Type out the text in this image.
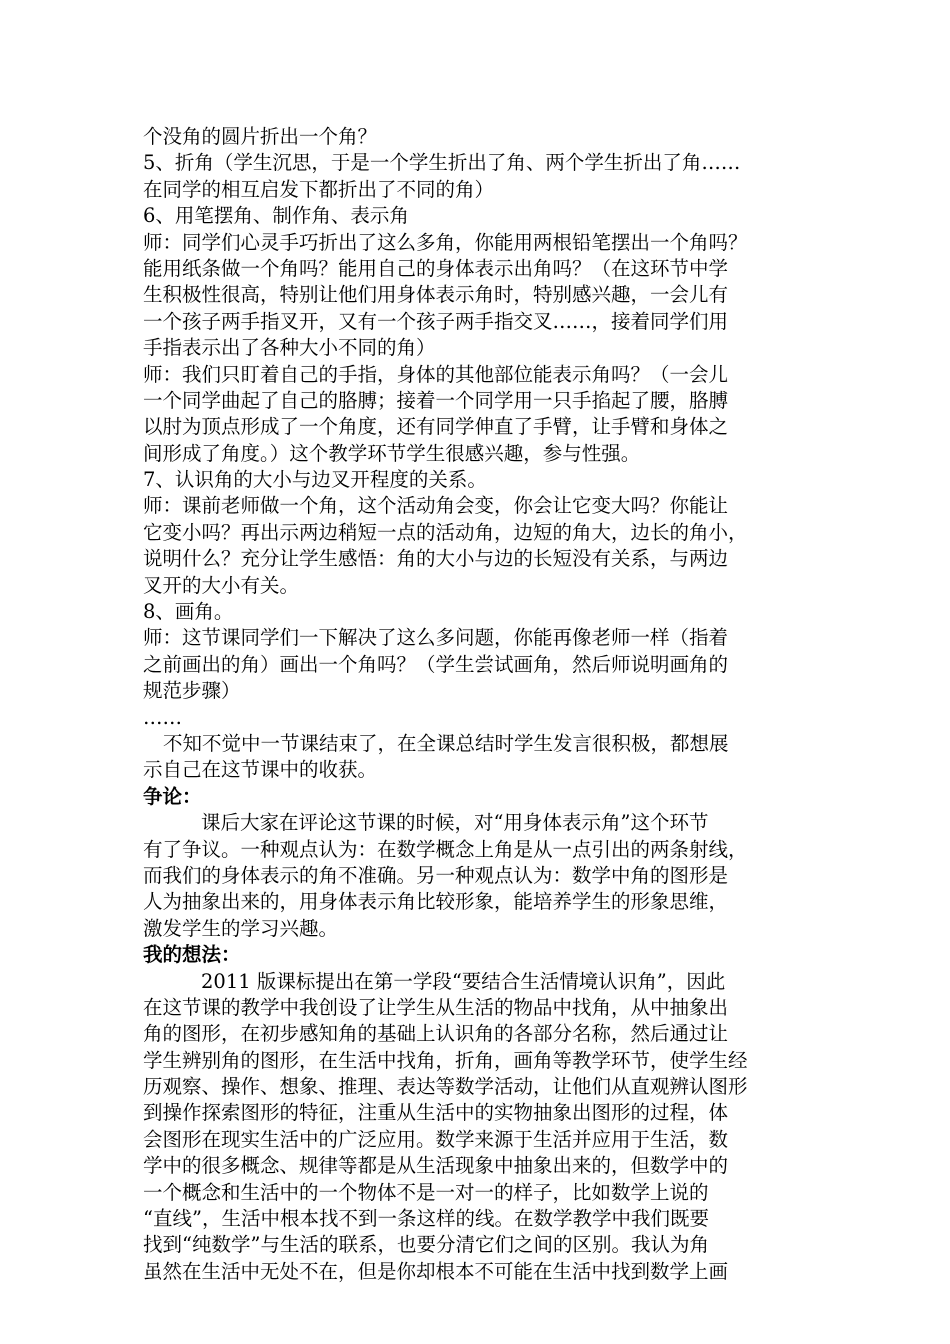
个没角的圆片折出一个角？
5、折角（学生沉思，于是一个学生折出了角、两个学生折出了角……
在同学的相互启发下都折出了不同的角）
6、用笔摆角、制作角、表示角
师：同学们心灵手巧折出了这么多角，你能用两根铅笔摆出一个角吗？
能用纸条做一个角吗？能用自己的身体表示出角吗？（在这环节中学
生积极性很高，特别让他们用身体表示角时，特别感兴趣，一会儿有
一个孩子两手指叉开，又有一个孩子两手指交叉……，接着同学们用
手指表示出了各种大小不同的角）
师：我们只盯着自己的手指，身体的其他部位能表示角吗？（一会儿
一个同学曲起了自己的胳膊；接着一个同学用一只手掐起了腰，胳膊
以肘为顶点形成了一个角度，还有同学伸直了手臂，让手臂和身体之
间形成了角度。）这个教学环节学生很感兴趣，参与性强。
7、认识角的大小与边叉开程度的关系。
师：课前老师做一个角，这个活动角会变，你会让它变大吗？你能让
它变小吗？再出示两边稍短一点的活动角，边短的角大，边长的角小，
说明什么？充分让学生感悟：角的大小与边的长短没有关系，与两边
叉开的大小有关。
8、画角。
师：这节课同学们一下解决了这么多问题，你能再像老师一样（指着
之前画出的角）画出一个角吗？（学生尝试画角，然后师说明画角的
规范步骤）
……
不知不觉中一节课结束了，在全课总结时学生发言很积极，都想展
示自己在这节课中的收获。
争论：
课后大家在评论这节课的时候，对“用身体表示角”这个环节
有了争议。一种观点认为：在数学概念上角是从一点引出的两条射线，
而我们的身体表示的角不准确。另一种观点认为：数学中角的图形是
人为抽象出来的，用身体表示角比较形象，能培养学生的形象思维，
激发学生的学习兴趣。
我的想法：
2011 版课标提出在第一学段“要结合生活情境认识角”，因此
在这节课的教学中我创设了让学生从生活的物品中找角，从中抽象出
角的图形，在初步感知角的基础上认识角的各部分名称，然后通过让
学生辨别角的图形，在生活中找角，折角，画角等教学环节，使学生经
历观察、操作、想象、推理、表达等数学活动，让他们从直观辨认图形
到操作探索图形的特征，注重从生活中的实物抽象出图形的过程，体
会图形在现实生活中的广泛应用。数学来源于生活并应用于生活，数
学中的很多概念、规律等都是从生活现象中抽象出来的，但数学中的
一个概念和生活中的一个物体不是一对一的样子，比如数学上说的
“直线”，生活中根本找不到一条这样的线。在数学教学中我们既要
找到“纯数学”与生活的联系，也要分清它们之间的区别。我认为角
虽然在生活中无处不在，但是你却根本不可能在生活中找到数学上画
